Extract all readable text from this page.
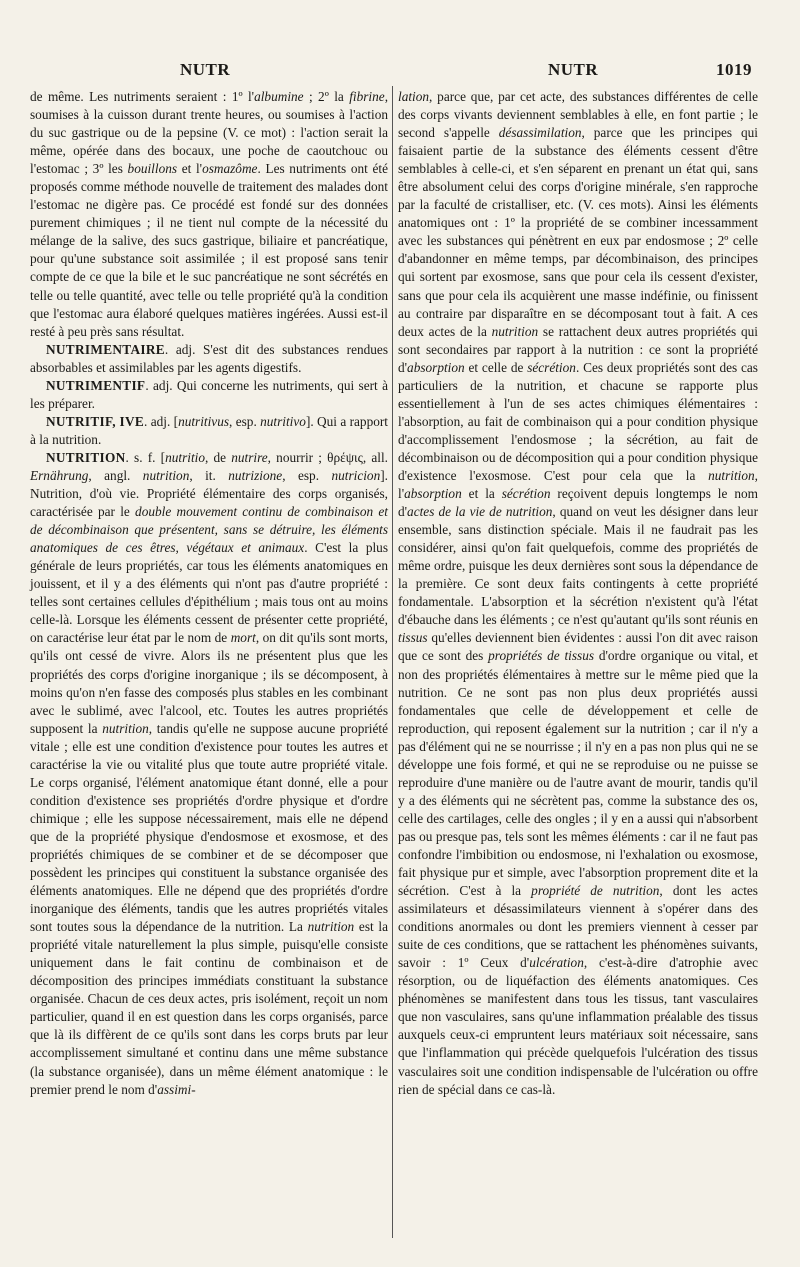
NUTR	NUTR	1019

de même. Les nutriments seraient : 1º l'albumine ; 2º la fibrine, soumises à la cuisson durant trente heures, ou soumises à l'action du suc gastrique ou de la pepsine (V. ce mot) : l'action serait la même, opérée dans des bocaux, une poche de caoutchouc ou l'estomac ; 3º les bouillons et l'osmazôme. Les nutriments ont été proposés comme méthode nouvelle de traitement des malades dont l'estomac ne digère pas. Ce procédé est fondé sur des données purement chimiques ; il ne tient nul compte de la nécessité du mélange de la salive, des sucs gastrique, biliaire et pancréatique, pour qu'une substance soit assimilée ; il est proposé sans tenir compte de ce que la bile et le suc pancréatique ne sont sécrétés en telle ou telle quantité, avec telle ou telle propriété qu'à la condition que l'estomac aura élaboré quelques matières ingérées. Aussi est-il resté à peu près sans résultat.

NUTRIMENTAIRE. adj. S'est dit des substances rendues absorbables et assimilables par les agents digestifs.

NUTRIMENTIF. adj. Qui concerne les nutriments, qui sert à les préparer.

NUTRITIF, IVE. adj. [nutritivus, esp. nutritivo]. Qui a rapport à la nutrition.

NUTRITION. s. f. [nutritio, de nutrire, nourrir ; θρέψις, all. Ernährung, angl. nutrition, it. nutrizione, esp. nutricion]. Nutrition, d'où vie. Propriété élémentaire des corps organisés, caractérisée par le double mouvement continu de combinaison et de décombinaison que présentent, sans se détruire, les éléments anatomiques de ces êtres, végétaux et animaux. C'est la plus générale de leurs propriétés, car tous les éléments anatomiques en jouissent, et il y a des éléments qui n'ont pas d'autre propriété : telles sont certaines cellules d'épithélium ; mais tous ont au moins celle-là. Lorsque les éléments cessent de présenter cette propriété, on caractérise leur état par le nom de mort, on dit qu'ils sont morts, qu'ils ont cessé de vivre. Alors ils ne présentent plus que les propriétés des corps d'origine inorganique ; ils se décomposent, à moins qu'on n'en fasse des composés plus stables en les combinant avec le sublimé, avec l'alcool, etc. Toutes les autres propriétés supposent la nutrition, tandis qu'elle ne suppose aucune propriété vitale ; elle est une condition d'existence pour toutes les autres et caractérise la vie ou vitalité plus que toute autre propriété vitale. Le corps organisé, l'élément anatomique étant donné, elle a pour condition d'existence ses propriétés d'ordre physique et d'ordre chimique ; elle les suppose nécessairement, mais elle ne dépend que de la propriété physique d'endosmose et exosmose, et des propriétés chimiques de se combiner et de se décomposer que possèdent les principes qui constituent la substance organisée des éléments anatomiques. Elle ne dépend que des propriétés d'ordre inorganique des éléments, tandis que les autres propriétés vitales sont toutes sous la dépendance de la nutrition. La nutrition est la propriété vitale naturellement la plus simple, puisqu'elle consiste uniquement dans le fait continu de combinaison et de décomposition des principes immédiats constituant la substance organisée. Chacun de ces deux actes, pris isolément, reçoit un nom particulier, quand il en est question dans les corps organisés, parce que là ils diffèrent de ce qu'ils sont dans les corps bruts par leur accomplissement simultané et continu dans une même substance (la substance organisée), dans un même élément anatomique : le premier prend le nom d'assimi-

lation, parce que, par cet acte, des substances différentes de celle des corps vivants deviennent semblables à elle, en font partie ; le second s'appelle désassimilation, parce que les principes qui faisaient partie de la substance des éléments cessent d'être semblables à celle-ci, et s'en séparent en prenant un état qui, sans être absolument celui des corps d'origine minérale, s'en rapproche par la faculté de cristalliser, etc. (V. ces mots). Ainsi les éléments anatomiques ont : 1º la propriété de se combiner incessamment avec les substances qui pénètrent en eux par endosmose ; 2º celle d'abandonner en même temps, par décombinaison, des principes qui sortent par exosmose, sans que pour cela ils cessent d'exister, sans que pour cela ils acquièrent une masse indéfinie, ou finissent au contraire par disparaître en se décomposant tout à fait. A ces deux actes de la nutrition se rattachent deux autres propriétés qui sont secondaires par rapport à la nutrition : ce sont la propriété d'absorption et celle de sécrétion. Ces deux propriétés sont des cas particuliers de la nutrition, et chacune se rapporte plus essentiellement à l'un de ses actes chimiques élémentaires : l'absorption, au fait de combinaison qui a pour condition physique d'accomplissement l'endosmose ; la sécrétion, au fait de décombinaison ou de décomposition qui a pour condition physique d'existence l'exosmose. C'est pour cela que la nutrition, l'absorption et la sécrétion reçoivent depuis longtemps le nom d'actes de la vie de nutrition, quand on veut les désigner dans leur ensemble, sans distinction spéciale. Mais il ne faudrait pas les considérer, ainsi qu'on fait quelquefois, comme des propriétés de même ordre, puisque les deux dernières sont sous la dépendance de la première. Ce sont deux faits contingents à cette propriété fondamentale. L'absorption et la sécrétion n'existent qu'à l'état d'ébauche dans les éléments ; ce n'est qu'autant qu'ils sont réunis en tissus qu'elles deviennent bien évidentes : aussi l'on dit avec raison que ce sont des propriétés de tissus d'ordre organique ou vital, et non des propriétés élémentaires à mettre sur le même pied que la nutrition. Ce ne sont pas non plus deux propriétés aussi fondamentales que celle de développement et celle de reproduction, qui reposent également sur la nutrition ; car il n'y a pas d'élément qui ne se nourrisse ; il n'y en a pas non plus qui ne se développe une fois formé, et qui ne se reproduise ou ne puisse se reproduire d'une manière ou de l'autre avant de mourir, tandis qu'il y a des éléments qui ne sécrètent pas, comme la substance des os, celle des cartilages, celle des ongles ; il y en a aussi qui n'absorbent pas ou presque pas, tels sont les mêmes éléments : car il ne faut pas confondre l'imbibition ou endosmose, ni l'exhalation ou exosmose, fait physique pur et simple, avec l'absorption proprement dite et la sécrétion. C'est à la propriété de nutrition, dont les actes assimilateurs et désassimilateurs viennent à s'opérer dans des conditions anormales ou dont les premiers viennent à cesser par suite de ces conditions, que se rattachent les phénomènes suivants, savoir : 1º Ceux d'ulcération, c'est-à-dire d'atrophie avec résorption, ou de liquéfaction des éléments anatomiques. Ces phénomènes se manifestent dans tous les tissus, tant vasculaires que non vasculaires, sans qu'une inflammation préalable des tissus auxquels ceux-ci empruntent leurs matériaux soit nécessaire, sans que l'inflammation qui précède quelquefois l'ulcération des tissus vasculaires soit une condition indispensable de l'ulcération ou offre rien de spécial dans ce cas-là.
